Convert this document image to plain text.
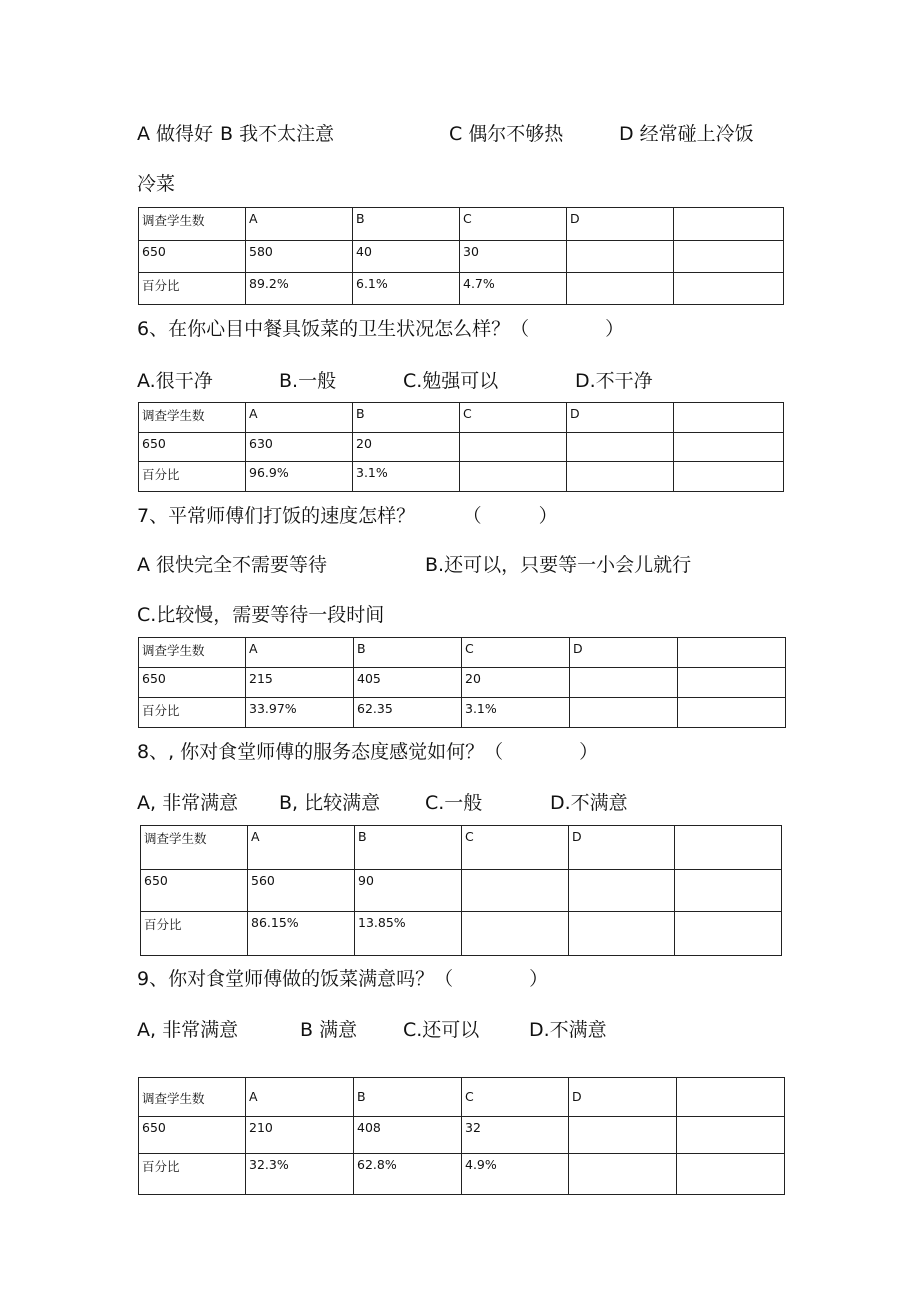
A 做得好 B 我不太注意	C 偶尔不够热	D 经常碰上冷饭
冷菜
调查学生数	A	B	C	D	
650	580	40	30		
百分比	89.2%	6.1%	4.7%		
6、在你心目中餐具饭菜的卫生状况怎么样？（　　　　）
A.很干净	B.一般	C.勉强可以	D.不干净
调查学生数	A	B	C	D	
650	630	20			
百分比	96.9%	3.1%			
7、平常师傅们打饭的速度怎样？　　　（　　　）
A 很快完全不需要等待	B.还可以，只要等一小会儿就行
C.比较慢，需要等待一段时间
调查学生数	A	B	C	D	
650	215	405	20		
百分比	33.97%	62.35	3.1%		
8、, 你对食堂师傅的服务态度感觉如何？（　　　　）
A, 非常满意 B, 比较满意 C.一般	D.不满意
调查学生数	A	B	C	D	
650	560	90			
百分比	86.15%	13.85%			
9、你对食堂师傅做的饭菜满意吗？（　　　　）
A, 非常满意	B 满意 C.还可以	D.不满意
调查学生数	A	B	C	D	
650	210	408	32		
百分比	32.3%	62.8%	4.9%		
